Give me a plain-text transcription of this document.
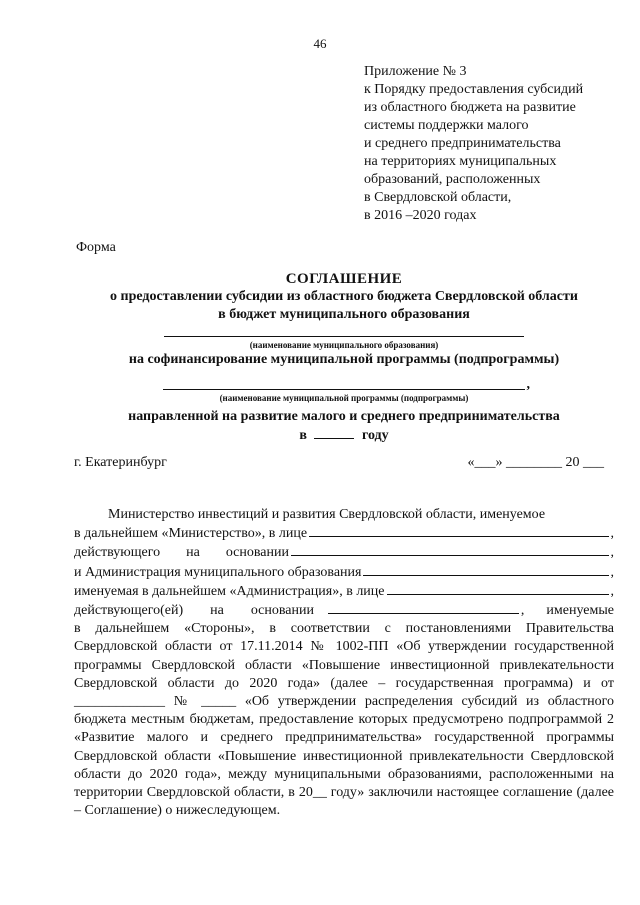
46
Приложение № 3
к Порядку предоставления субсидий
из областного бюджета на развитие
системы поддержки малого
и среднего предпринимательства
на территориях муниципальных
образований, расположенных
в Свердловской области,
в 2016 –2020 годах
Форма
СОГЛАШЕНИЕ
о предоставлении субсидии из областного бюджета Свердловской области
в бюджет муниципального образования
(наименование муниципального образования)
на софинансирование муниципальной программы (подпрограммы)
,
(наименование муниципальной программы (подпрограммы)
направленной на развитие малого и среднего предпринимательства
в	году
г. Екатеринбург	«___» ________ 20 ___
Министерство инвестиций и развития Свердловской области, именуемое
в дальнейшем «Министерство», в лице	,
действующего на основании	,
и Администрация муниципального образования	,
именуемая в дальнейшем «Администрация», в лице	,
действующего(ей) на основании	, именуемые
в дальнейшем «Стороны», в соответствии с постановлениями Правительства Свердловской области от 17.11.2014 № 1002-ПП «Об утверждении государственной программы Свердловской области «Повышение инвестиционной привлекательности Свердловской области до 2020 года» (далее – государственная программа) и от _____________ № _____ «Об утверждении распределения субсидий из областного бюджета местным бюджетам, предоставление которых предусмотрено подпрограммой 2 «Развитие малого и среднего предпринимательства» государственной программы Свердловской области «Повышение инвестиционной привлекательности Свердловской области до 2020 года», между муниципальными образованиями, расположенными на территории Свердловской области, в 20__ году» заключили настоящее соглашение (далее – Соглашение) о нижеследующем.
